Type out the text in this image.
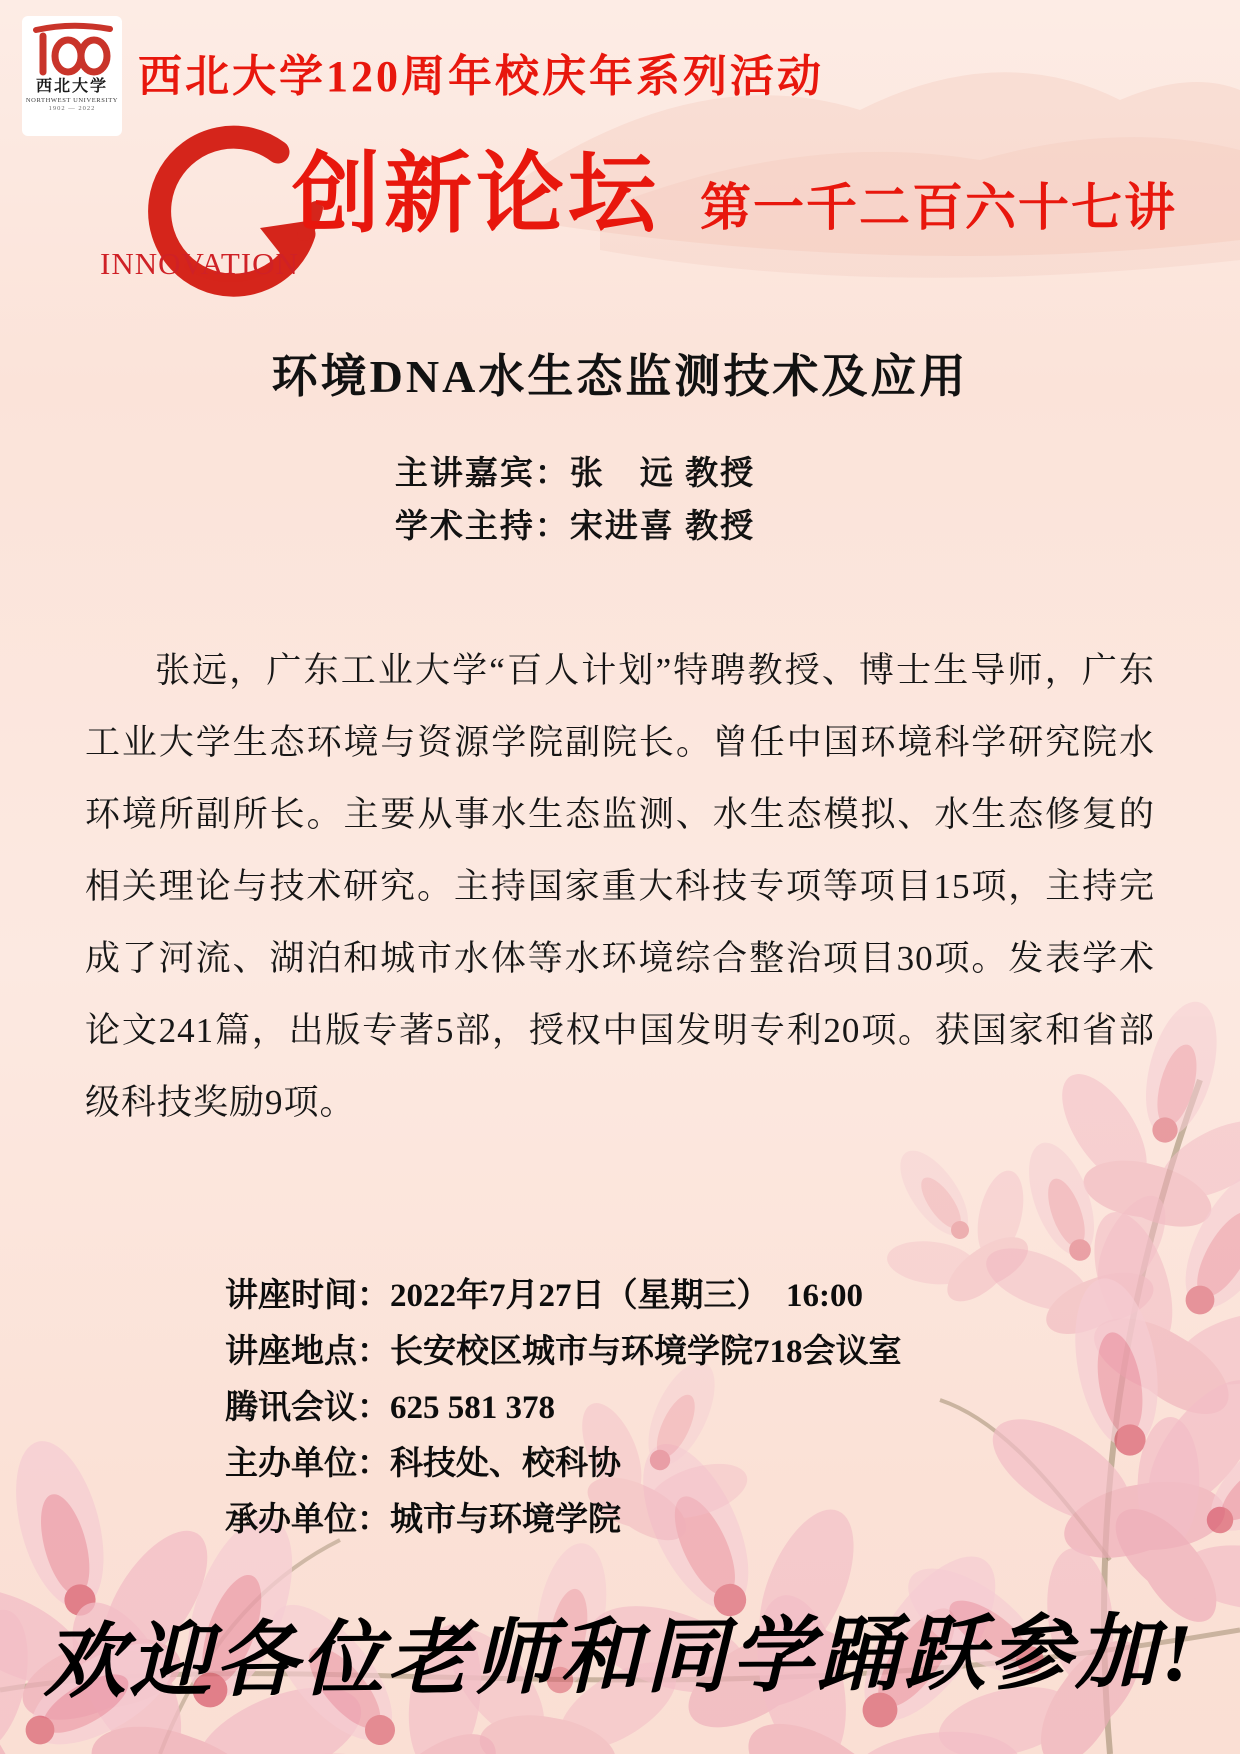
西北大学
NORTHWEST UNIVERSITY
1902 — 2022
西北大学120周年校庆年系列活动
INNOVATION
创新论坛 第一千二百六十七讲
环境DNA水生态监测技术及应用
主讲嘉宾：张　远 教授
学术主持：宋进喜 教授

张远，广东工业大学“百人计划”特聘教授、博士生导师，广东工业大学生态环境与资源学院副院长。曾任中国环境科学研究院水环境所副所长。主要从事水生态监测、水生态模拟、水生态修复的相关理论与技术研究。主持国家重大科技专项等项目15项，主持完成了河流、湖泊和城市水体等水环境综合整治项目30项。发表学术论文241篇，出版专著5部，授权中国发明专利20项。获国家和省部级科技奖励9项。

讲座时间：2022年7月27日（星期三）　16:00
讲座地点：长安校区城市与环境学院718会议室
腾讯会议：625 581 378
主办单位：科技处、校科协
承办单位：城市与环境学院
欢迎各位老师和同学踊跃参加!
